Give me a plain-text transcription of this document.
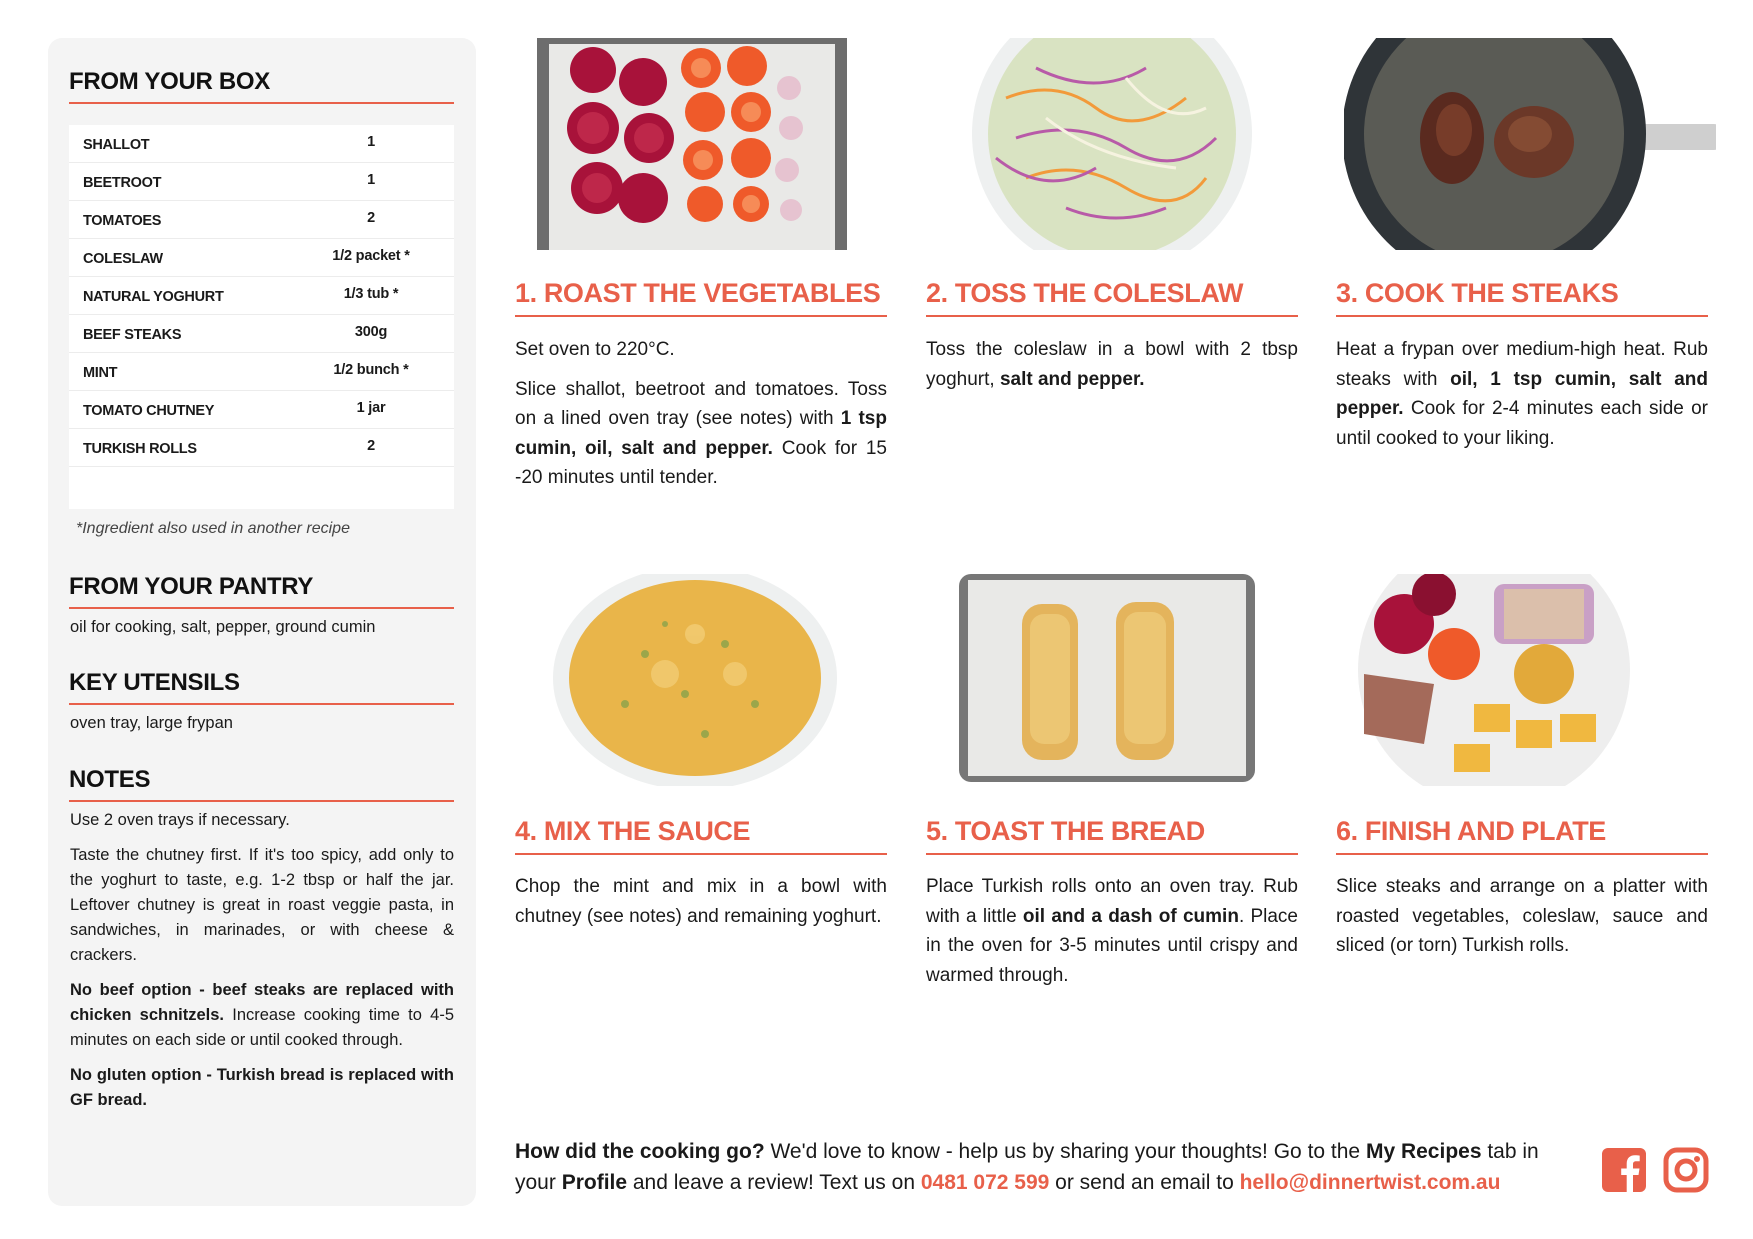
FROM YOUR BOX
SHALLOT	1
BEETROOT	1
TOMATOES	2
COLESLAW	1/2 packet *
NATURAL YOGHURT	1/3 tub *
BEEF STEAKS	300g
MINT	1/2 bunch *
TOMATO CHUTNEY	1 jar
TURKISH ROLLS	2
*Ingredient also used in another recipe
FROM YOUR PANTRY
oil for cooking, salt, pepper, ground cumin
KEY UTENSILS
oven tray, large frypan
NOTES

Use 2 oven trays if necessary.

Taste the chutney first. If it's too spicy, add only to the yoghurt to taste, e.g. 1-2 tbsp or half the jar. Leftover chutney is great in roast veggie pasta, in sandwiches, in marinades, or with cheese & crackers.

No beef option - beef steaks are replaced with chicken schnitzels. Increase cooking time to 4-5 minutes on each side or until cooked through.

No gluten option - Turkish bread is replaced with GF bread.

1. ROAST THE VEGETABLES

Set oven to 220°C.

Slice shallot, beetroot and tomatoes. Toss on a lined oven tray (see notes) with 1 tsp cumin, oil, salt and pepper. Cook for 15 -20 minutes until tender.

2. TOSS THE COLESLAW

Toss the coleslaw in a bowl with 2 tbsp yoghurt, salt and pepper.

3. COOK THE STEAKS

Heat a frypan over medium-high heat. Rub steaks with oil, 1 tsp cumin, salt and pepper. Cook for 2-4 minutes each side or until cooked to your liking.

4. MIX THE SAUCE

Chop the mint and mix in a bowl with chutney (see notes) and remaining yoghurt.

5. TOAST THE BREAD

Place Turkish rolls onto an oven tray. Rub with a little oil and a dash of cumin. Place in the oven for 3-5 minutes until crispy and warmed through.

6. FINISH AND PLATE

Slice steaks and arrange on a platter with roasted vegetables, coleslaw, sauce and sliced (or torn) Turkish rolls.

How did the cooking go? We'd love to know - help us by sharing your thoughts! Go to the My Recipes tab in your Profile and leave a review! Text us on 0481 072 599 or send an email to hello@dinnertwist.com.au
